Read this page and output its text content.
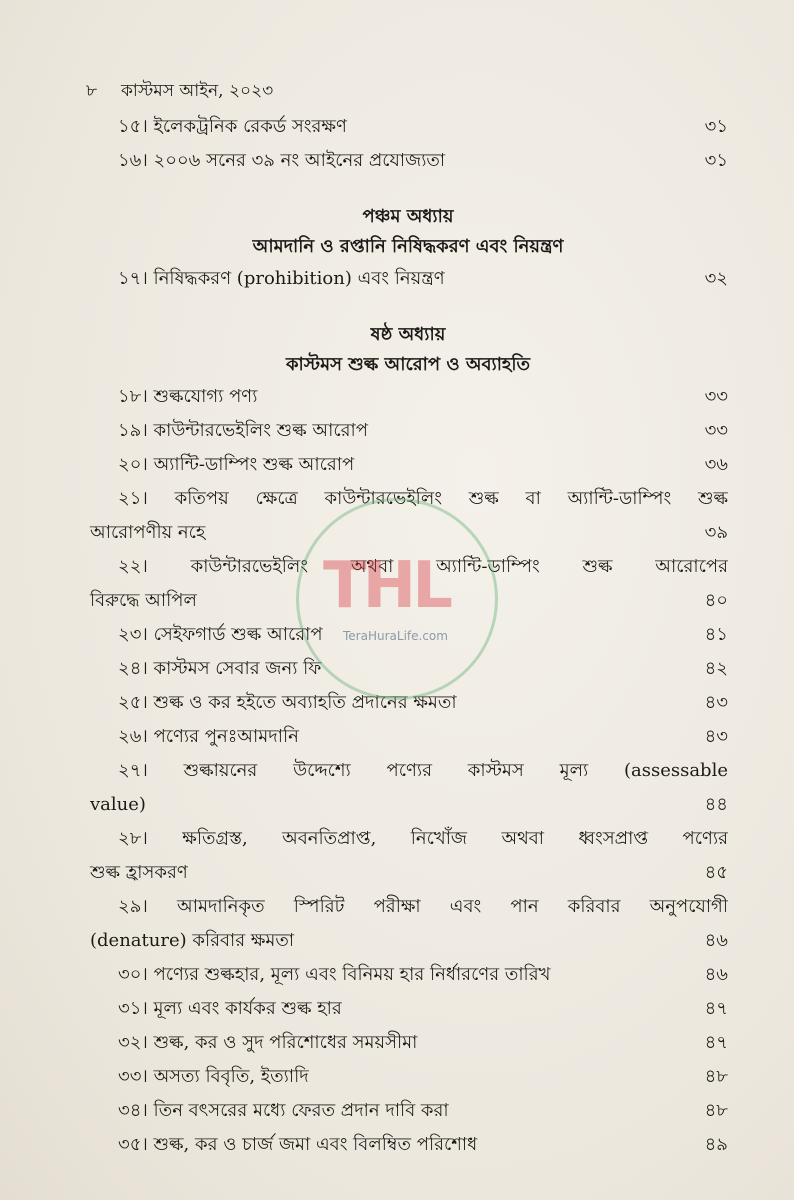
৮ কাস্টমস আইন, ২০২৩
১৫। ইলেকট্রনিক রেকর্ড সংরক্ষণ	৩১
১৬। ২০০৬ সনের ৩৯ নং আইনের প্রযোজ্যতা	৩১
পঞ্চম অধ্যায়
আমদানি ও রপ্তানি নিষিদ্ধকরণ এবং নিয়ন্ত্রণ
১৭। নিষিদ্ধকরণ (prohibition) এবং নিয়ন্ত্রণ	৩২
ষষ্ঠ অধ্যায়
কাস্টমস শুল্ক আরোপ ও অব্যাহতি
১৮। শুল্কযোগ্য পণ্য	৩৩
১৯। কাউন্টারভেইলিং শুল্ক আরোপ	৩৩
২০। অ্যান্টি-ডাম্পিং শুল্ক আরোপ	৩৬
২১। কতিপয় ক্ষেত্রে কাউন্টারভেইলিং শুল্ক বা অ্যান্টি-ডাম্পিং শুল্ক
আরোপণীয় নহে	৩৯
২২। কাউন্টারভেইলিং অথবা অ্যান্টি-ডাম্পিং শুল্ক আরোপের
বিরুদ্ধে আপিল	৪০
২৩। সেইফগার্ড শুল্ক আরোপ	৪১
২৪। কাস্টমস সেবার জন্য ফি	৪২
২৫। শুল্ক ও কর হইতে অব্যাহতি প্রদানের ক্ষমতা	৪৩
২৬। পণ্যের পুনঃআমদানি	৪৩
২৭। শুল্কায়নের উদ্দেশ্যে পণ্যের কাস্টমস মূল্য (assessable
value)	৪৪
২৮। ক্ষতিগ্রস্ত, অবনতিপ্রাপ্ত, নিখোঁজ অথবা ধ্বংসপ্রাপ্ত পণ্যের
শুল্ক হ্রাসকরণ	৪৫
২৯। আমদানিকৃত স্পিরিট পরীক্ষা এবং পান করিবার অনুপযোগী
(denature) করিবার ক্ষমতা	৪৬
৩০। পণ্যের শুল্কহার, মূল্য এবং বিনিময় হার নির্ধারণের তারিখ	৪৬
৩১। মূল্য এবং কার্যকর শুল্ক হার	৪৭
৩২। শুল্ক, কর ও সুদ পরিশোধের সময়সীমা	৪৭
৩৩। অসত্য বিবৃতি, ইত্যাদি	৪৮
৩৪। তিন বৎসরের মধ্যে ফেরত প্রদান দাবি করা	৪৮
৩৫। শুল্ক, কর ও চার্জ জমা এবং বিলম্বিত পরিশোধ	৪৯
THL
TeraHuraLife.com
